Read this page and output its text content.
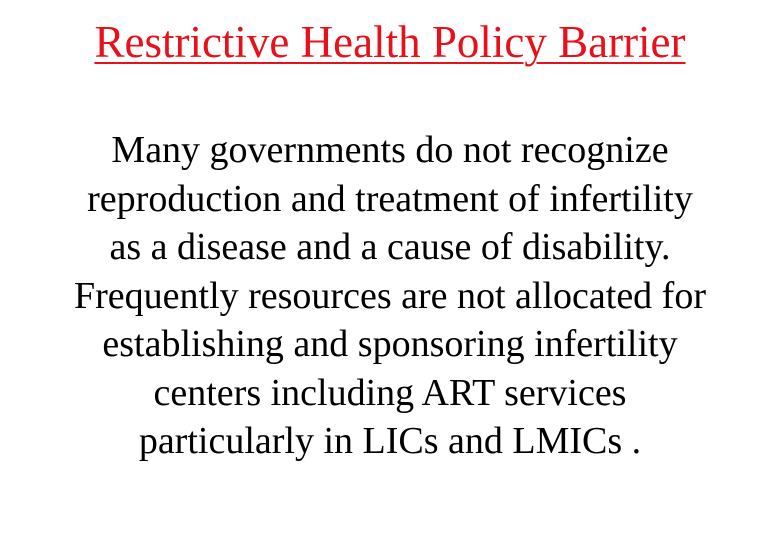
Restrictive Health Policy Barrier
Many governments do not recognize
reproduction and treatment of infertility
as a disease and a cause of disability.
Frequently resources are not allocated for
establishing and sponsoring infertility
centers including ART services
particularly in LICs and LMICs .
